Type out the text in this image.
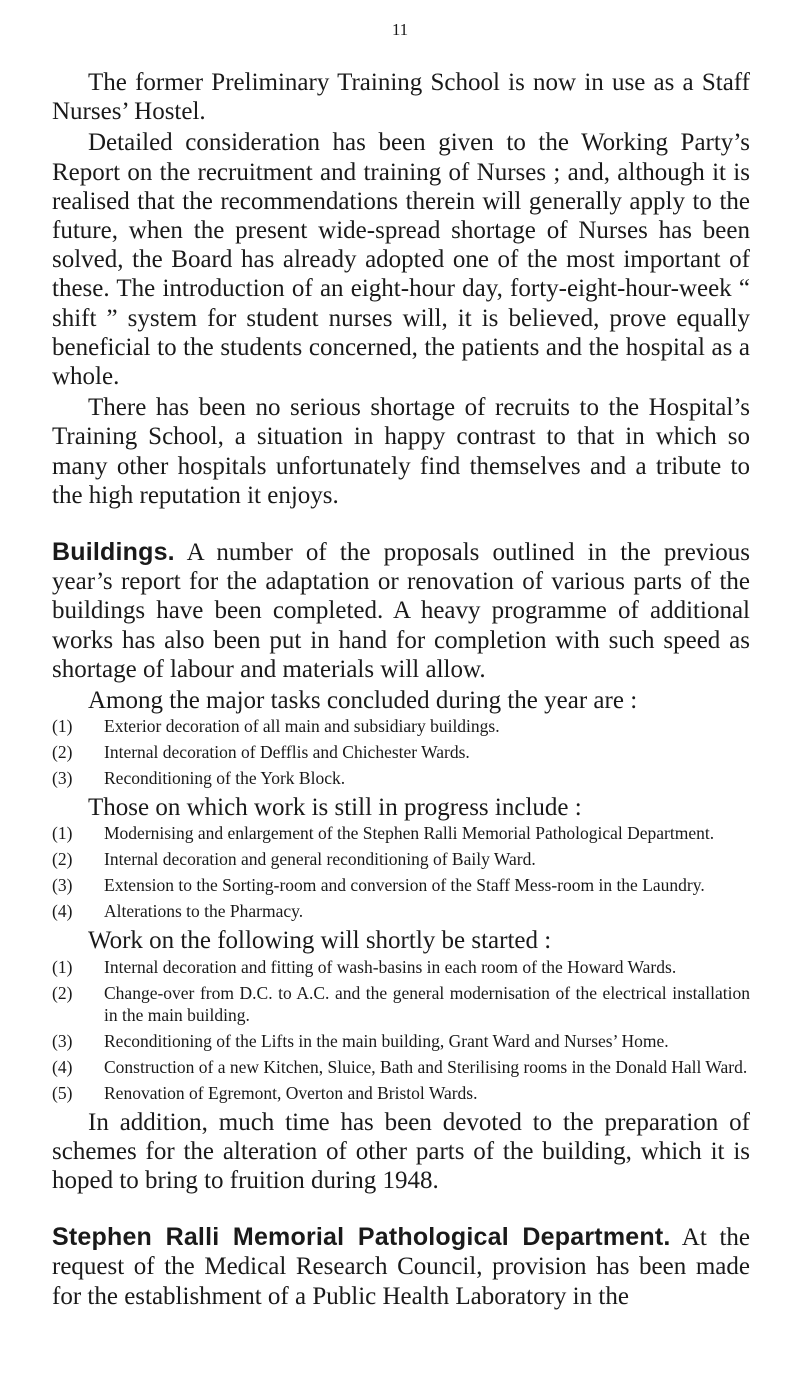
11

The former Preliminary Training School is now in use as a Staff Nurses’ Hostel.

Detailed consideration has been given to the Working Party’s Report on the recruitment and training of Nurses ; and, although it is realised that the recommendations therein will generally apply to the future, when the present wide-spread shortage of Nurses has been solved, the Board has already adopted one of the most important of these. The introduction of an eight-hour day, forty-eight-hour-week “ shift ” system for student nurses will, it is believed, prove equally beneficial to the students concerned, the patients and the hospital as a whole.

There has been no serious shortage of recruits to the Hospital’s Training School, a situation in happy contrast to that in which so many other hospitals unfortunately find themselves and a tribute to the high reputation it enjoys.

Buildings. A number of the proposals outlined in the previous year’s report for the adaptation or renovation of various parts of the buildings have been completed. A heavy programme of additional works has also been put in hand for completion with such speed as shortage of labour and materials will allow.

Among the major tasks concluded during the year are :

(1)	Exterior decoration of all main and subsidiary buildings.
(2)	Internal decoration of Defflis and Chichester Wards.
(3)	Reconditioning of the York Block.

Those on which work is still in progress include :

(1)	Modernising and enlargement of the Stephen Ralli Memorial Pathological Department.
(2)	Internal decoration and general reconditioning of Baily Ward.
(3)	Extension to the Sorting-room and conversion of the Staff Mess-room in the Laundry.
(4)	Alterations to the Pharmacy.

Work on the following will shortly be started :

(1)	Internal decoration and fitting of wash-basins in each room of the Howard Wards.
(2)	Change-over from D.C. to A.C. and the general modernisation of the electrical installation in the main building.
(3)	Reconditioning of the Lifts in the main building, Grant Ward and Nurses’ Home.
(4)	Construction of a new Kitchen, Sluice, Bath and Sterilising rooms in the Donald Hall Ward.
(5)	Renovation of Egremont, Overton and Bristol Wards.

In addition, much time has been devoted to the preparation of schemes for the alteration of other parts of the building, which it is hoped to bring to fruition during 1948.

Stephen Ralli Memorial Pathological Department. At the request of the Medical Research Council, provision has been made for the establishment of a Public Health Laboratory in the
